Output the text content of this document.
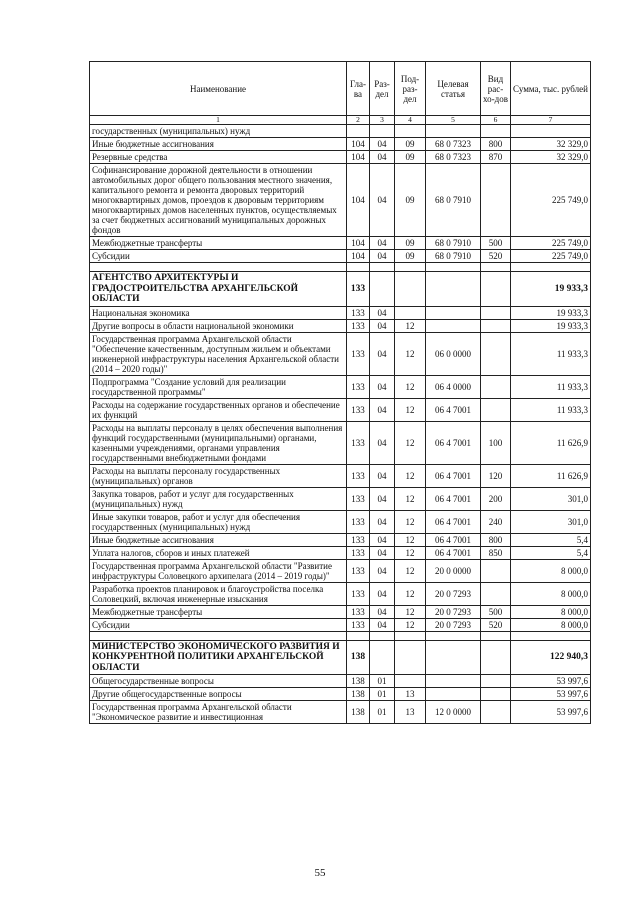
Наименование	Гла-ва	Раз-дел	Под-раз-дел	Целевая статья	Вид рас-хо-дов	Сумма, тыс. рублей
1	2	3	4	5	6	7
государственных (муниципальных) нужд						
Иные бюджетные ассигнования	104	04	09	68 0 7323	800	32 329,0
Резервные средства	104	04	09	68 0 7323	870	32 329,0
Софинансирование дорожной деятельности в отношении автомобильных дорог общего пользования местного значения, капитального ремонта и ремонта дворовых территорий многоквартирных домов, проездов к дворовым территориям многоквартирных домов населенных пунктов, осуществляемых за счет бюджетных ассигнований муниципальных дорожных фондов	104	04	09	68 0 7910		225 749,0
Межбюджетные трансферты	104	04	09	68 0 7910	500	225 749,0
Субсидии	104	04	09	68 0 7910	520	225 749,0

АГЕНТСТВО АРХИТЕКТУРЫ И ГРАДОСТРОИТЕЛЬСТВА АРХАНГЕЛЬСКОЙ ОБЛАСТИ	133					19 933,3
Национальная экономика	133	04				19 933,3
Другие вопросы в области национальной экономики	133	04	12			19 933,3
Государственная программа Архангельской области "Обеспечение качественным, доступным жильем и объектами инженерной инфраструктуры населения Архангельской области (2014 – 2020 годы)"	133	04	12	06 0 0000		11 933,3
Подпрограмма "Создание условий для реализации государственной программы"	133	04	12	06 4 0000		11 933,3
Расходы на содержание государственных органов и обеспечение их функций	133	04	12	06 4 7001		11 933,3
Расходы на выплаты персоналу в целях обеспечения выполнения функций государственными (муниципальными) органами, казенными учреждениями, органами управления государственными внебюджетными фондами	133	04	12	06 4 7001	100	11 626,9
Расходы на выплаты персоналу государственных (муниципальных) органов	133	04	12	06 4 7001	120	11 626,9
Закупка товаров, работ и услуг для государственных (муниципальных) нужд	133	04	12	06 4 7001	200	301,0
Иные закупки товаров, работ и услуг для обеспечения государственных (муниципальных) нужд	133	04	12	06 4 7001	240	301,0
Иные бюджетные ассигнования	133	04	12	06 4 7001	800	5,4
Уплата налогов, сборов и иных платежей	133	04	12	06 4 7001	850	5,4
Государственная программа Архангельской области "Развитие инфраструктуры Соловецкого архипелага (2014 – 2019 годы)"	133	04	12	20 0 0000		8 000,0
Разработка проектов планировок и благоустройства поселка Соловецкий, включая инженерные изыскания	133	04	12	20 0 7293		8 000,0
Межбюджетные трансферты	133	04	12	20 0 7293	500	8 000,0
Субсидии	133	04	12	20 0 7293	520	8 000,0

МИНИСТЕРСТВО ЭКОНОМИЧЕСКОГО РАЗВИТИЯ И КОНКУРЕНТНОЙ ПОЛИТИКИ АРХАНГЕЛЬСКОЙ ОБЛАСТИ	138					122 940,3
Общегосударственные вопросы	138	01				53 997,6
Другие общегосударственные вопросы	138	01	13			53 997,6
Государственная программа Архангельской области "Экономическое развитие и инвестиционная	138	01	13	12 0 0000		53 997,6
55
